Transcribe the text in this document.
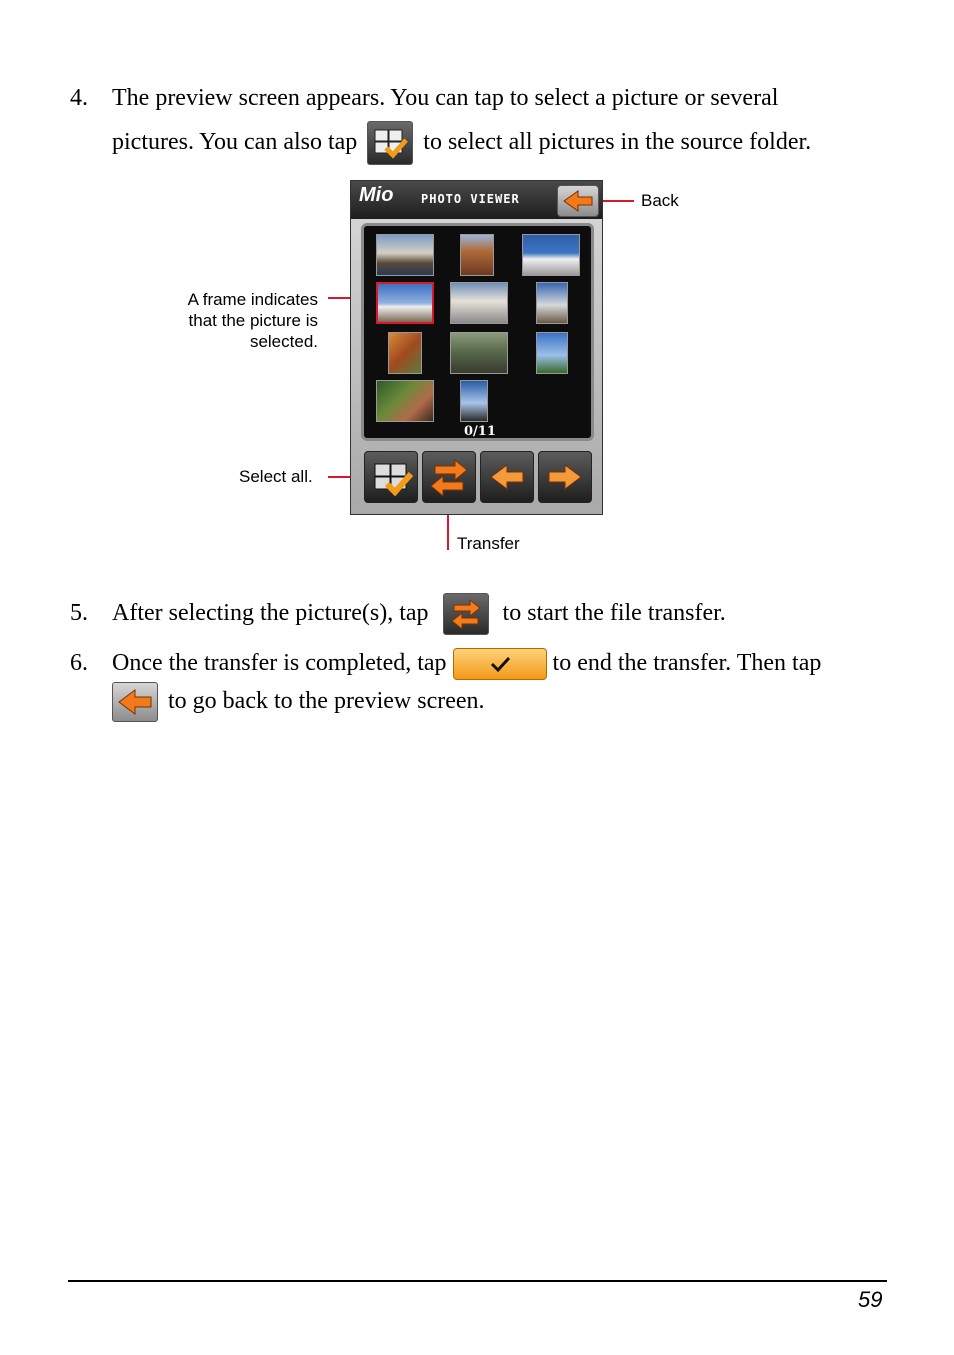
4. The preview screen appears. You can tap to select a picture or several
pictures. You can also tap	to select all pictures in the source folder.
Back
A frame indicates
that the picture is
selected.
Select all.
Transfer
Mio PHOTO VIEWER
0/11
5. After selecting the picture(s), tap	to start the file transfer.
6. Once the transfer is completed, tap	to end the transfer. Then tap
to go back to the preview screen.
59
